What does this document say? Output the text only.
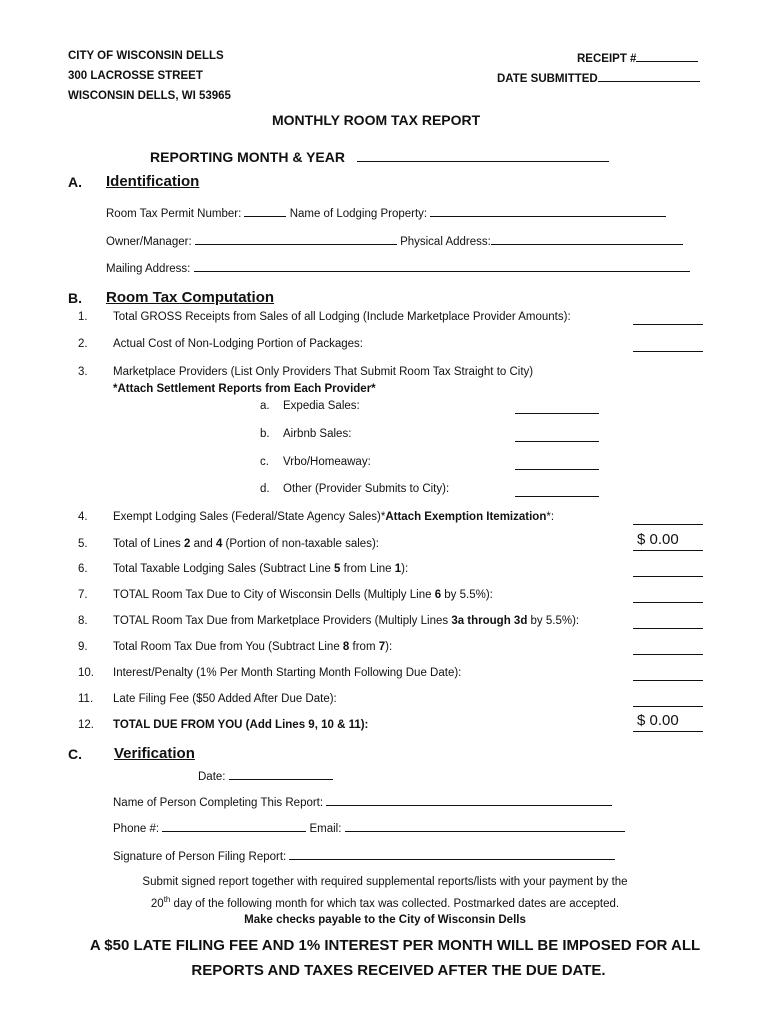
CITY OF WISCONSIN DELLS
300 LACROSSE STREET
WISCONSIN DELLS, WI 53965
RECEIPT #
DATE SUBMITTED
MONTHLY ROOM TAX REPORT
REPORTING MONTH & YEAR
A. Identification
Room Tax Permit Number:	Name of Lodging Property:
Owner/Manager:	Physical Address:
Mailing Address:
B. Room Tax Computation
1. Total GROSS Receipts from Sales of all Lodging (Include Marketplace Provider Amounts):
2. Actual Cost of Non-Lodging Portion of Packages:
3. Marketplace Providers (List Only Providers That Submit Room Tax Straight to City)
*Attach Settlement Reports from Each Provider*
a. Expedia Sales:
b. Airbnb Sales:
c. Vrbo/Homeaway:
d. Other (Provider Submits to City):
4. Exempt Lodging Sales (Federal/State Agency Sales)*Attach Exemption Itemization*:
5. Total of Lines 2 and 4 (Portion of non-taxable sales):	$ 0.00
6. Total Taxable Lodging Sales (Subtract Line 5 from Line 1):
7. TOTAL Room Tax Due to City of Wisconsin Dells (Multiply Line 6 by 5.5%):
8. TOTAL Room Tax Due from Marketplace Providers (Multiply Lines 3a through 3d by 5.5%):
9. Total Room Tax Due from You (Subtract Line 8 from 7):
10. Interest/Penalty (1% Per Month Starting Month Following Due Date):
11. Late Filing Fee ($50 Added After Due Date):
12. TOTAL DUE FROM YOU (Add Lines 9, 10 & 11):	$ 0.00
C. Verification
Date:
Name of Person Completing This Report:
Phone #:	Email:
Signature of Person Filing Report:
Submit signed report together with required supplemental reports/lists with your payment by the
20th day of the following month for which tax was collected. Postmarked dates are accepted.
Make checks payable to the City of Wisconsin Dells
A $50 LATE FILING FEE AND 1% INTEREST PER MONTH WILL BE IMPOSED FOR ALL
REPORTS AND TAXES RECEIVED AFTER THE DUE DATE.
